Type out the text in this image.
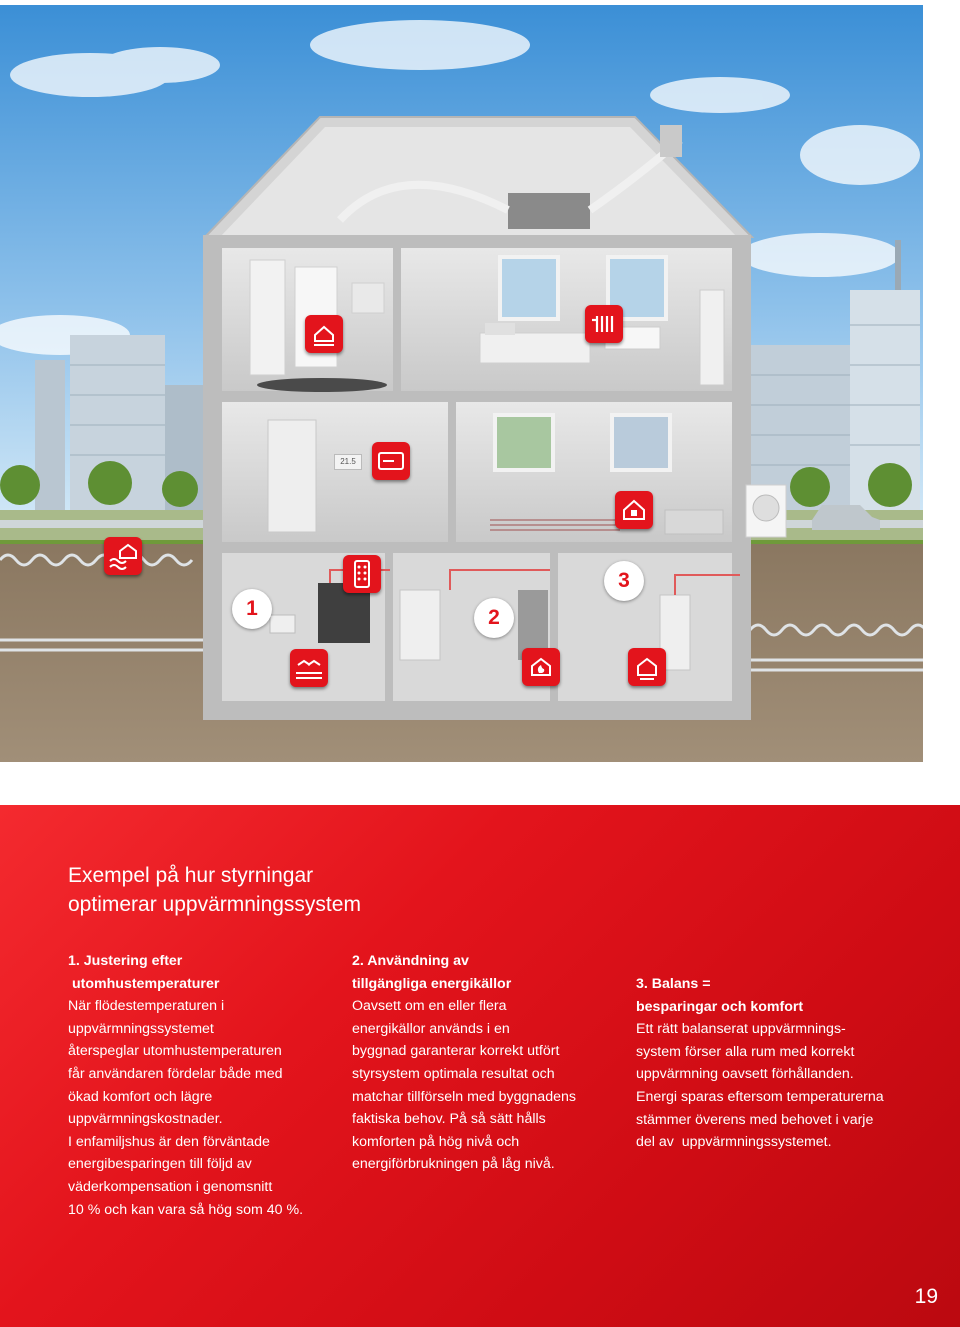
21.5
1	2
3
Exempel på hur styrningar
optimerar uppvärmningssystem

1. Justering efter

utomhustemperaturer

När flödestemperaturen i

uppvärmningssystemet

återspeglar utomhustemperaturen

får användaren fördelar både med

ökad komfort och lägre

uppvärmningskostnader.

I enfamiljshus är den förväntade

energibesparingen till följd av

väderkompensation i genomsnitt

10 % och kan vara så hög som 40 %.

2. Användning av

tillgängliga energikällor

Oavsett om en eller flera

energikällor används i en

byggnad garanterar korrekt utfört

styrsystem optimala resultat och

matchar tillförseln med byggnadens

faktiska behov. På så sätt hålls

komforten på hög nivå och

energiförbrukningen på låg nivå.

3. Balans =

besparingar och komfort

Ett rätt balanserat uppvärmnings-

system förser alla rum med korrekt

uppvärmning oavsett förhållanden.

Energi sparas eftersom temperaturerna

stämmer överens med behovet i varje

del av  uppvärmningssystemet.

19
